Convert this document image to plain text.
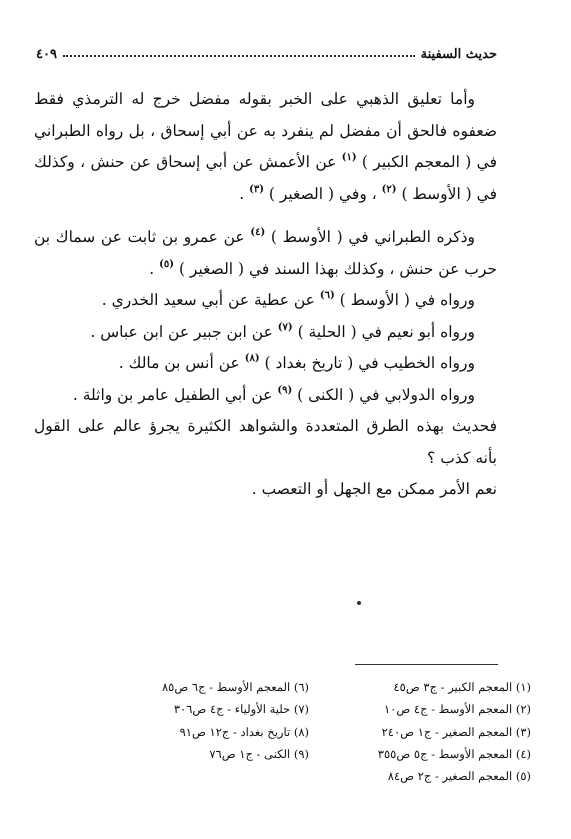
حديث السفينة
٤٠٩

وأما تعليق الذهبي على الخبر بقوله مفضل خرج له الترمذي فقط ضعفوه فالحق أن مفضل لم ينفرد به عن أبي إسحاق ، بل رواه الطبراني في ( المعجم الكبير ) $^{(١)}$ عن الأعمش عن أبي إسحاق عن حنش ، وكذلك في ( الأوسط ) $^{(٢)}$ ، وفي ( الصغير ) $^{(٣)}$ .

وذكره الطبراني في ( الأوسط ) $^{(٤)}$ عن عمرو بن ثابت عن سماك بن حرب عن حنش ، وكذلك بهذا السند في ( الصغير ) $^{(٥)}$ .

ورواه في ( الأوسط ) $^{(٦)}$ عن عطية عن أبي سعيد الخدري .

ورواه أبو نعيم في ( الحلية ) $^{(٧)}$ عن ابن جبير عن ابن عباس .

ورواه الخطيب في ( تاريخ بغداد ) $^{(٨)}$ عن أنس بن مالك .

ورواه الدولابي في ( الكنى ) $^{(٩)}$ عن أبي الطفيل عامر بن واثلة .

فحديث بهذه الطرق المتعددة والشواهد الكثيرة يجرؤ عالم على القول بأنه كذب ؟

نعم الأمر ممكن مع الجهل أو التعصب .

(١) المعجم الكبير - ج٣ ص٤٥
(٢) المعجم الأوسط - ج٤ ص١٠
(٣) المعجم الصغير - ج١ ص٢٤٠
(٤) المعجم الأوسط - ج٥ ص٣٥٥
(٥) المعجم الصغير - ج٢ ص٨٤
(٦) المعجم الأوسط - ج٦ ص٨٥
(٧) حلية الأولياء - ج٤ ص٣٠٦
(٨) تاريخ بغداد - ج١٢ ص٩١
(٩) الكنى - ج١ ص٧٦
